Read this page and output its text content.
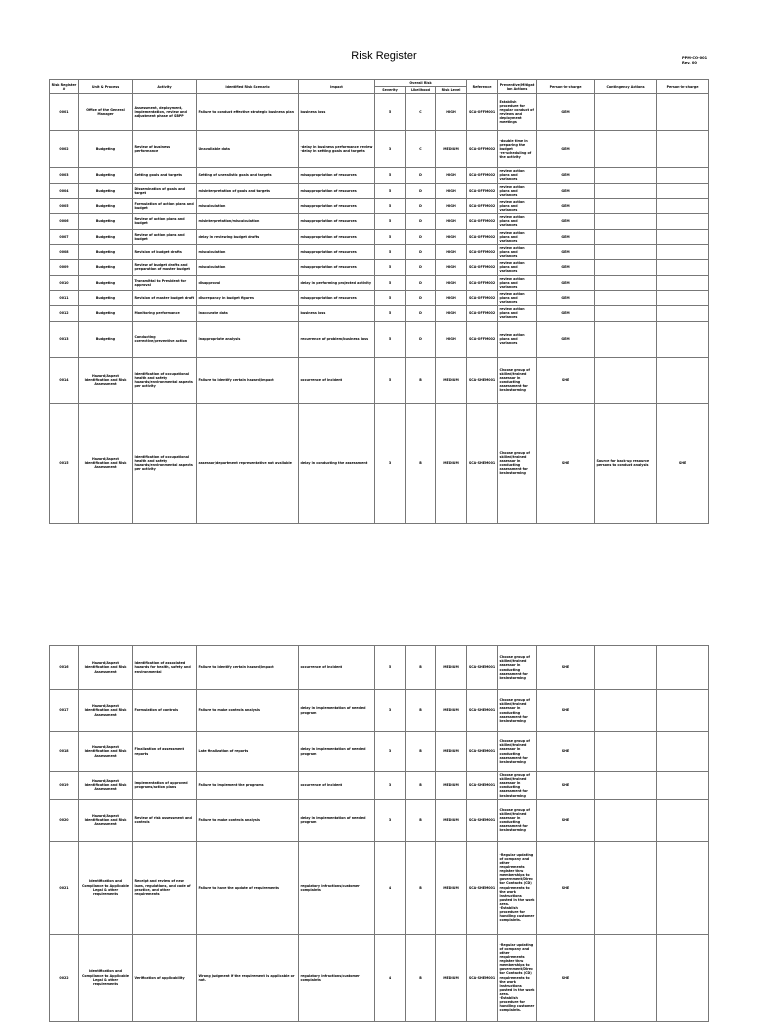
Risk Register	PPM-CO-001
Rev. 00
Risk Register #	Unit & Process	Activity	Identified Risk Scenario	Impact	Overall Risk			Reference	Preventive/Mitigation Actions	Person-in-charge	Contingency Actions	Person-in-charge
					Severity	Likelihood	Risk Level					
0001	Office of the General Manager	Assessment, deployment, implementation, review and adjustment phase of SBPP	Failure to conduct effective strategic business plan	business loss	5	C	HIGH	SCA-OFFM001	Establish procedure for regular conduct of reviews and deployment meetings	GEM		
0002	Budgeting	Review of business performance	Unavailable data	-delay in business performance review
-delay in setting goals and targets	3	C	MEDIUM	SCA-OFFM002	-double time in preparing the budget
-re-scheduling of the activity	GEM		
0003	Budgeting	Setting goals and targets	Setting of unrealistic goals and targets	misappropriation of resources	5	D	HIGH	SCA-OFFM002	review action plans and variances	GEM		
0004	Budgeting	Dissemination of goals and target	misinterpretation of goals and targets	misappropriation of resources	5	D	HIGH	SCA-OFFM002	review action plans and variances	GEM		
0005	Budgeting	Formulation of action plans and budget	miscalculation	misappropriation of resources	5	D	HIGH	SCA-OFFM002	review action plans and variances	GEM		
0006	Budgeting	Review of action plans and budget	misinterpretation/miscalculation	misappropriation of resources	5	D	HIGH	SCA-OFFM002	review action plans and variances	GEM		
0007	Budgeting	Review of action plans and budget	delay in reviewing budget drafts	misappropriation of resources	5	D	HIGH	SCA-OFFM002	review action plans and variances	GEM		
0008	Budgeting	Revision of budget drafts	miscalculation	misappropriation of resources	5	D	HIGH	SCA-OFFM002	review action plans and variances	GEM		
0009	Budgeting	Review of budget drafts and preparation of master budget	miscalculation	misappropriation of resources	5	D	HIGH	SCA-OFFM002	review action plans and variances	GEM		
0010	Budgeting	Transmittal to President for approval	disapproval	delay in performing projected activity	5	D	HIGH	SCA-OFFM002	review action plans and variances	GEM		
0011	Budgeting	Revision of master budget draft	discrepancy in budget figures	misappropriation of resources	5	D	HIGH	SCA-OFFM002	review action plans and variances	GEM		
0012	Budgeting	Monitoring performance	Inaccurate data	business loss	5	D	HIGH	SCA-OFFM002	review action plans and variances	GEM		
0013	Budgeting	Conducting corrective/preventive action	Inappropriate analysis	recurrence of problem/business loss	5	D	HIGH	SCA-OFFM002	review action plans and variances	GEM		
0014	Hazard/Aspect Identification and Risk Assessment	Identification of occupational health and safety hazards/environmental aspects per activity	Failure to identify certain hazard/impact	occurrence of incident	5	B	MEDIUM	SCA-SHEM001	Choose group of skilled/trained assessor in conducting assessment for brainstorming	SHE		
0015	Hazard/Aspect Identification and Risk Assessment	Identification of occupational health and safety hazards/environmental aspects per activity	assessor/department representative not available	delay in conducting the assessment	3	B	MEDIUM	SCA-SHEM001	Choose group of skilled/trained assessor in conducting assessment for brainstorming	SHE	Source for back-up resource persons to conduct analysis	SHE
0016	Hazard/Aspect Identification and Risk Assessment	Identification of associated hazards for health, safety and environmental	Failure to identify certain hazard/impact	occurrence of incident	5	B	MEDIUM	SCA-SHEM001	Choose group of skilled/trained assessor in conducting assessment for brainstorming	SHE		
0017	Hazard/Aspect Identification and Risk Assessment	Formulation of controls	Failure to make controls analysis	delay in implementation of needed program	3	B	MEDIUM	SCA-SHEM001	Choose group of skilled/trained assessor in conducting assessment for brainstorming	SHE		
0018	Hazard/Aspect Identification and Risk Assessment	Finalization of assessment reports	Late finalization of reports	delay in implementation of needed program	3	B	MEDIUM	SCA-SHEM001	Choose group of skilled/trained assessor in conducting assessment for brainstorming	SHE		
0019	Hazard/Aspect Identification and Risk Assessment	Implementation of approved programs/action plans	Failure to implement the programs	occurrence of incident	3	B	MEDIUM	SCA-SHEM001	Choose group of skilled/trained assessor in conducting assessment for brainstorming	SHE		
0020	Hazard/Aspect Identification and Risk Assessment	Review of risk assessment and controls	Failure to make controls analysis	delay in implementation of needed program	3	B	MEDIUM	SCA-SHEM001	Choose group of skilled/trained assessor in conducting assessment for brainstorming	SHE		
0021	Identification and Compliance to Applicable Legal & other requirements	Receipt and review of new laws, regulations, and code of practice, and other requirements	Failure to have the update of requirements	regulatory infractions/customer complaints	4	B	MEDIUM	SCA-SHEM001	-Regular updating of company and other requirements register thru memberships to government/Director Contacts (CD) requirements to the work instructions posted in the work area.
-Establish procedure for handling customer complaints.	SHE		
0022	Identification and Compliance to Applicable Legal & other requirements	Verification of applicability	Wrong judgment if the requirement is applicable or not.	regulatory infractions/customer complaints	4	B	MEDIUM	SCA-SHEM001	-Regular updating of company and other requirements register thru memberships to government/Director Contacts (CD) requirements to the work instructions posted in the work area.
-Establish procedure for handling customer complaints.	SHE		
